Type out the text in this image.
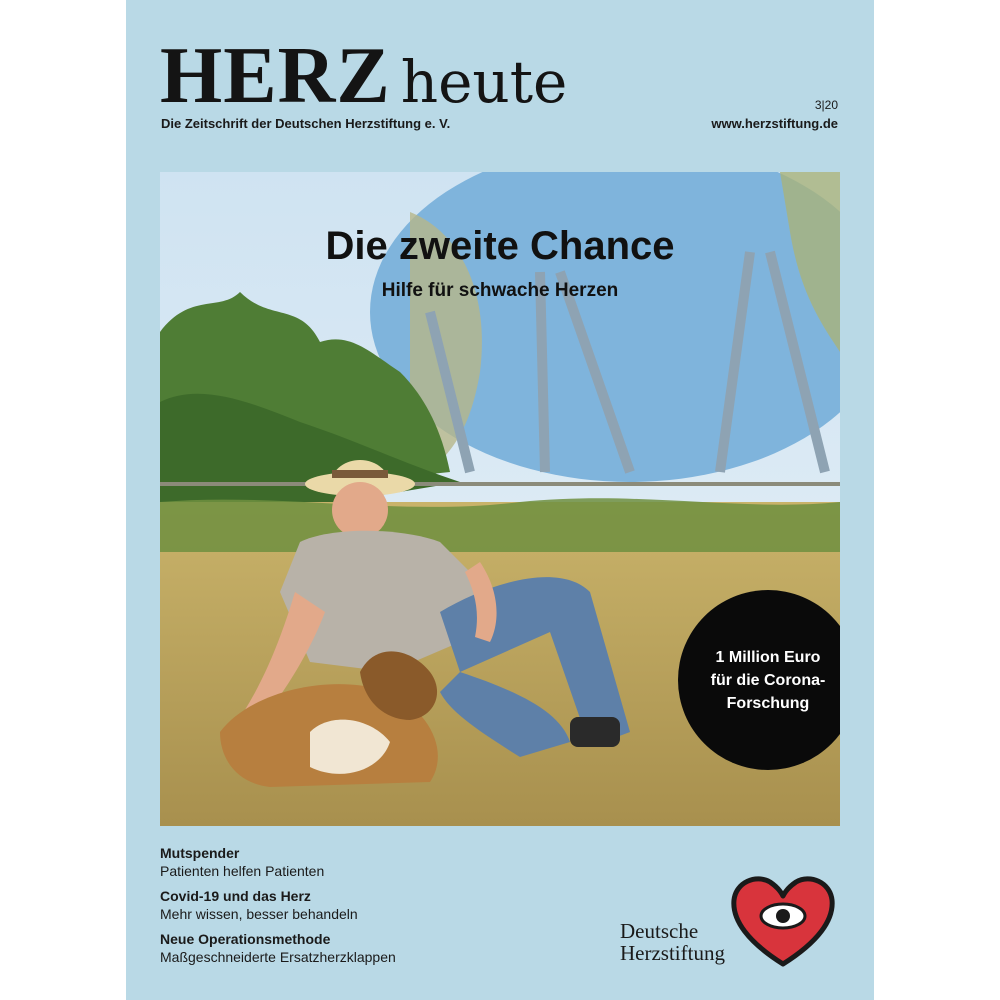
HERZ heute
Die Zeitschrift der Deutschen Herzstiftung e. V.
3|20
www.herzstiftung.de
Die zweite Chance
Hilfe für schwache Herzen
1 Million Euro
für die Corona-
Forschung
Mutspender
Patienten helfen Patienten
Covid-19 und das Herz
Mehr wissen, besser behandeln
Neue Operationsmethode
Maßgeschneiderte Ersatzherzklappen
Deutsche
Herzstiftung
